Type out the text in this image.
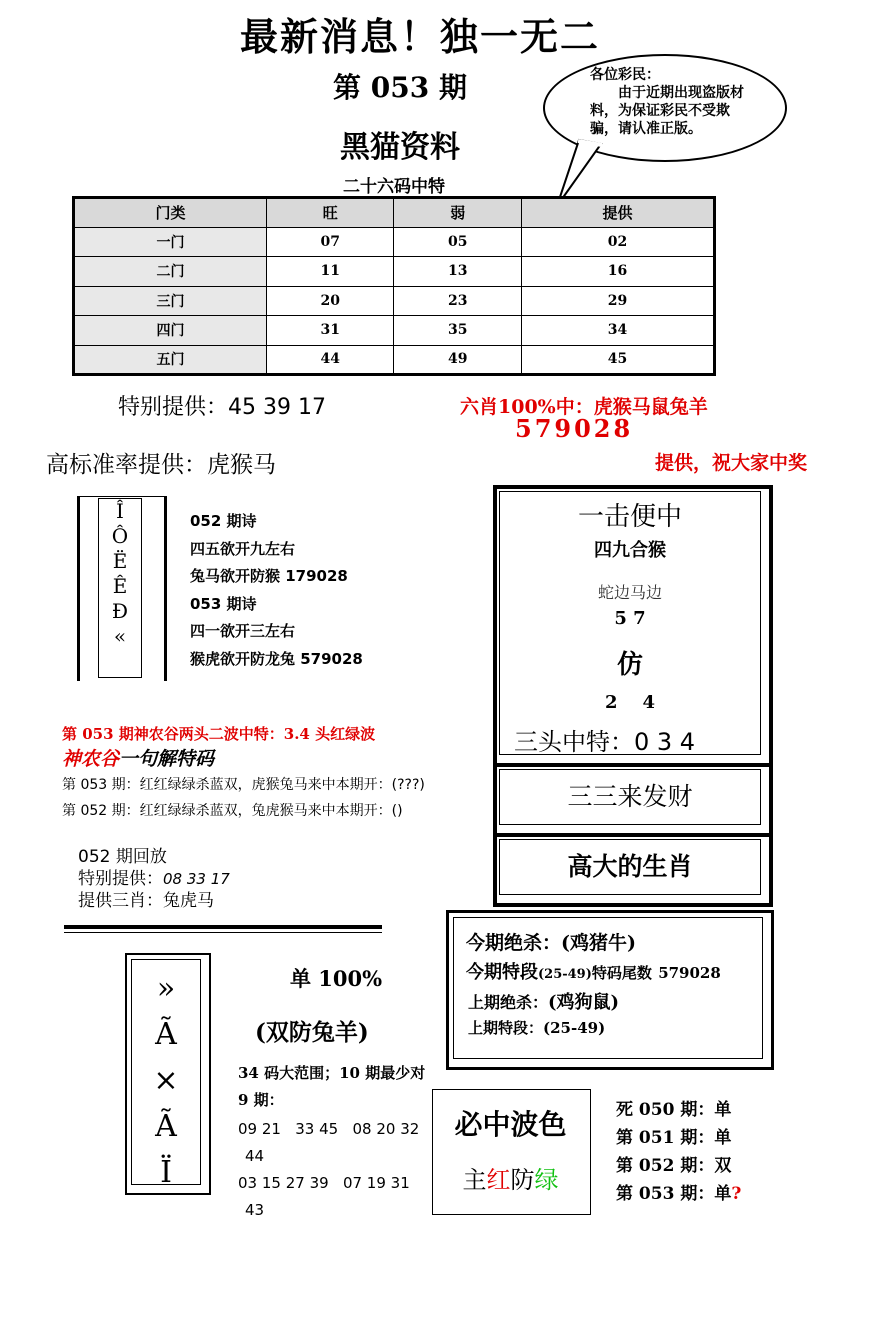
最新消息！独一无二
第 053 期
黑猫资料
各位彩民：
由于近期出现盗版材料，为保证彩民不受欺骗，请认准正版。
二十六码中特
门类	旺	弱	提供
一门	07	05	02
二门	11	13	16
三门	20	23	29
四门	31	35	34
五门	44	49	45
特别提供：45 39 17	六肖100%中：虎猴马鼠兔羊
579028
高标准率提供：虎猴马	提供，祝大家中奖
Î
Ô
Ë
Ê
Ð
«
052 期诗
四五欲开九左右
兔马欲开防猴 179028
053 期诗
四一欲开三左右
猴虎欲开防龙兔 579028
第 053 期神农谷两头二波中特：3.4 头红绿波
神农谷一句解特码
第 053 期：红红绿绿杀蓝双，虎猴兔马来中本期开：(???)
第 052 期：红红绿绿杀蓝双，兔虎猴马来中本期开：()
052 期回放
特别提供：08 33 17
提供三肖：兔虎马
一击便中
四九合猴
蛇边马边
5 7
仿
2    4
三头中特：0 3 4
三三来发财
高大的生肖
今期绝杀：(鸡猪牛)
今期特段(25-49)特码尾数 579028
上期绝杀：(鸡狗鼠)
上期特段：(25-49)
»
Ã
×
Ã
Ï
单 100%
(双防兔羊)
34 码大范围；10 期最少对 9 期：
09 21   33 45   08 20 32
44
03 15 27 39   07 19 31
43
必中波色
主红防绿
死 050 期：单
第 051 期：单
第 052 期：双
第 053 期：单?
